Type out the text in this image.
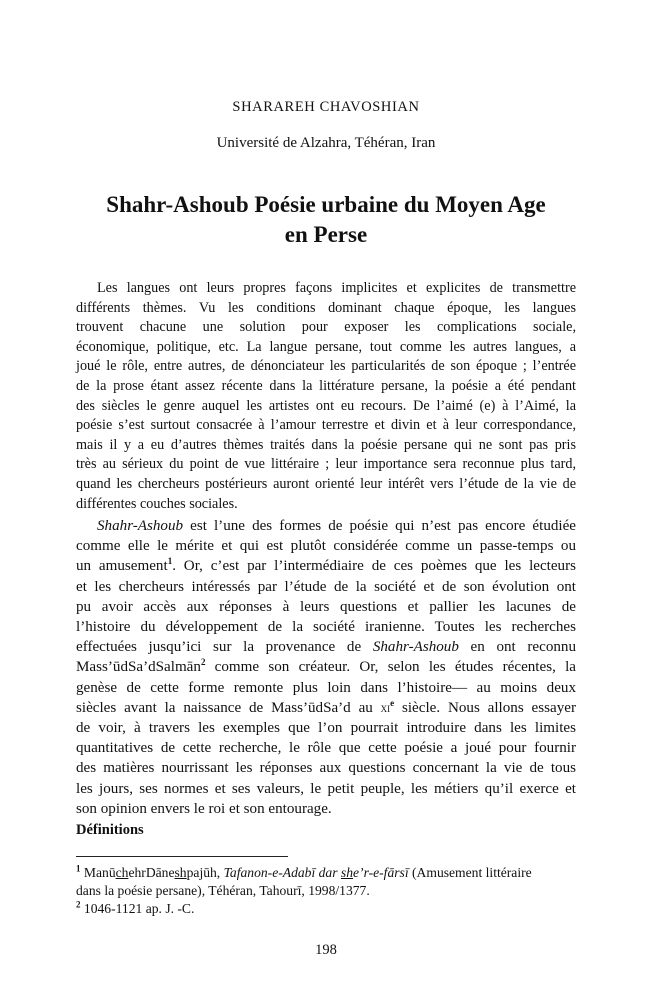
SHARAREH CHAVOSHIAN
Université de Alzahra, Téhéran, Iran
Shahr-Ashoub Poésie urbaine du Moyen Age
en Perse
Les langues ont leurs propres façons implicites et explicites de transmettre
différents thèmes. Vu les conditions dominant chaque époque, les langues
trouvent chacune une solution pour exposer les complications sociale,
économique, politique, etc. La langue persane, tout comme les autres langues, a
joué le rôle, entre autres, de dénonciateur les particularités de son époque ; l’entrée
de la prose étant assez récente dans la littérature persane, la poésie a été pendant
des siècles le genre auquel les artistes ont eu recours. De l’aimé (e) à l’Aimé, la
poésie s’est surtout consacrée à l’amour terrestre et divin et à leur correspondance,
mais il y a eu d’autres thèmes traités dans la poésie persane qui ne sont pas pris
très au sérieux du point de vue littéraire ; leur importance sera reconnue plus tard,
quand les chercheurs postérieurs auront orienté leur intérêt vers l’étude de la vie de
différentes couches sociales.
Shahr-Ashoub est l’une des formes de poésie qui n’est pas encore étudiée
comme elle le mérite et qui est plutôt considérée comme un passe-temps ou
un amusement$^1$. Or, c’est par l’intermédiaire de ces poèmes que les lecteurs
et les chercheurs intéressés par l’étude de la société et de son évolution ont
pu avoir accès aux réponses à leurs questions et pallier les lacunes de
l’histoire du développement de la société iranienne. Toutes les recherches
effectuées jusqu’ici sur la provenance de Shahr-Ashoub en ont reconnu
Mass’ūdSa’dSalmān$^2$ comme son créateur. Or, selon les études récentes, la
genèse de cette forme remonte plus loin dans l’histoire— au moins deux
siècles avant la naissance de Mass’ūdSa’d au $xi^e$ siècle. Nous allons essayer
de voir, à travers les exemples que l’on pourrait introduire dans les limites
quantitatives de cette recherche, le rôle que cette poésie a joué pour fournir
des matières nourrissant les réponses aux questions concernant la vie de tous
les jours, ses normes et ses valeurs, le petit peuple, les métiers qu’il exerce et
son opinion envers le roi et son entourage.
Définitions
$^1$ ManūchehrDāneshpajūh, Tafanon-e-Adabī dar she’r-e-fārsī (Amusement littéraire
dans la poésie persane), Téhéran, Tahourī, 1998/1377.
$^2$ 1046-1121 ap. J. -C.
198
